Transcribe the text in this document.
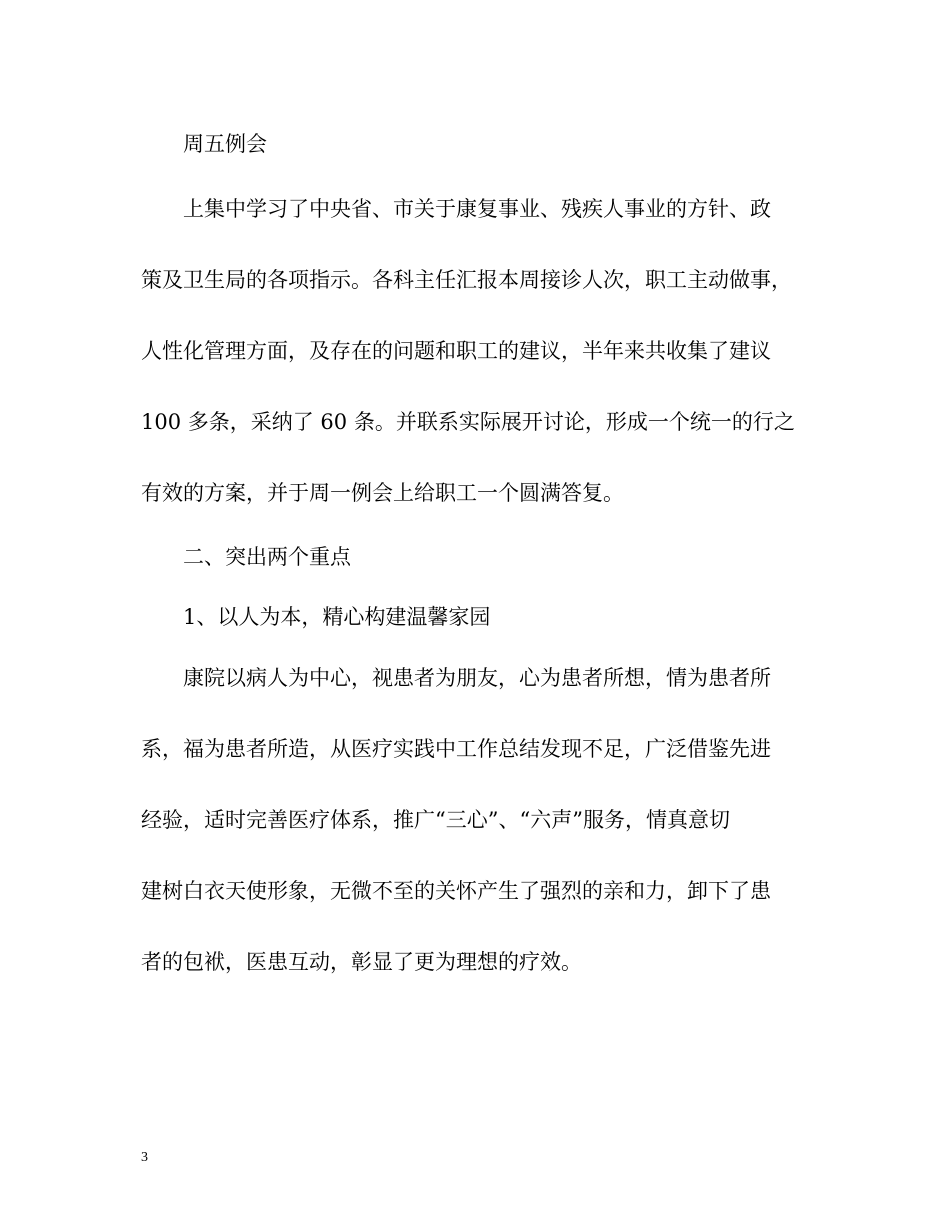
周五例会
上集中学习了中央省、市关于康复事业、残疾人事业的方针、政
策及卫生局的各项指示。各科主任汇报本周接诊人次，职工主动做事，
人性化管理方面，及存在的问题和职工的建议，半年来共收集了建议
100 多条，采纳了 60 条。并联系实际展开讨论，形成一个统一的行之
有效的方案，并于周一例会上给职工一个圆满答复。
二、突出两个重点
1、以人为本，精心构建温馨家园
康院以病人为中心，视患者为朋友，心为患者所想，情为患者所
系，福为患者所造，从医疗实践中工作总结发现不足，广泛借鉴先进
经验，适时完善医疗体系，推广“三心”、“六声”服务，情真意切
建树白衣天使形象，无微不至的关怀产生了强烈的亲和力，卸下了患
者的包袱，医患互动，彰显了更为理想的疗效。
3
